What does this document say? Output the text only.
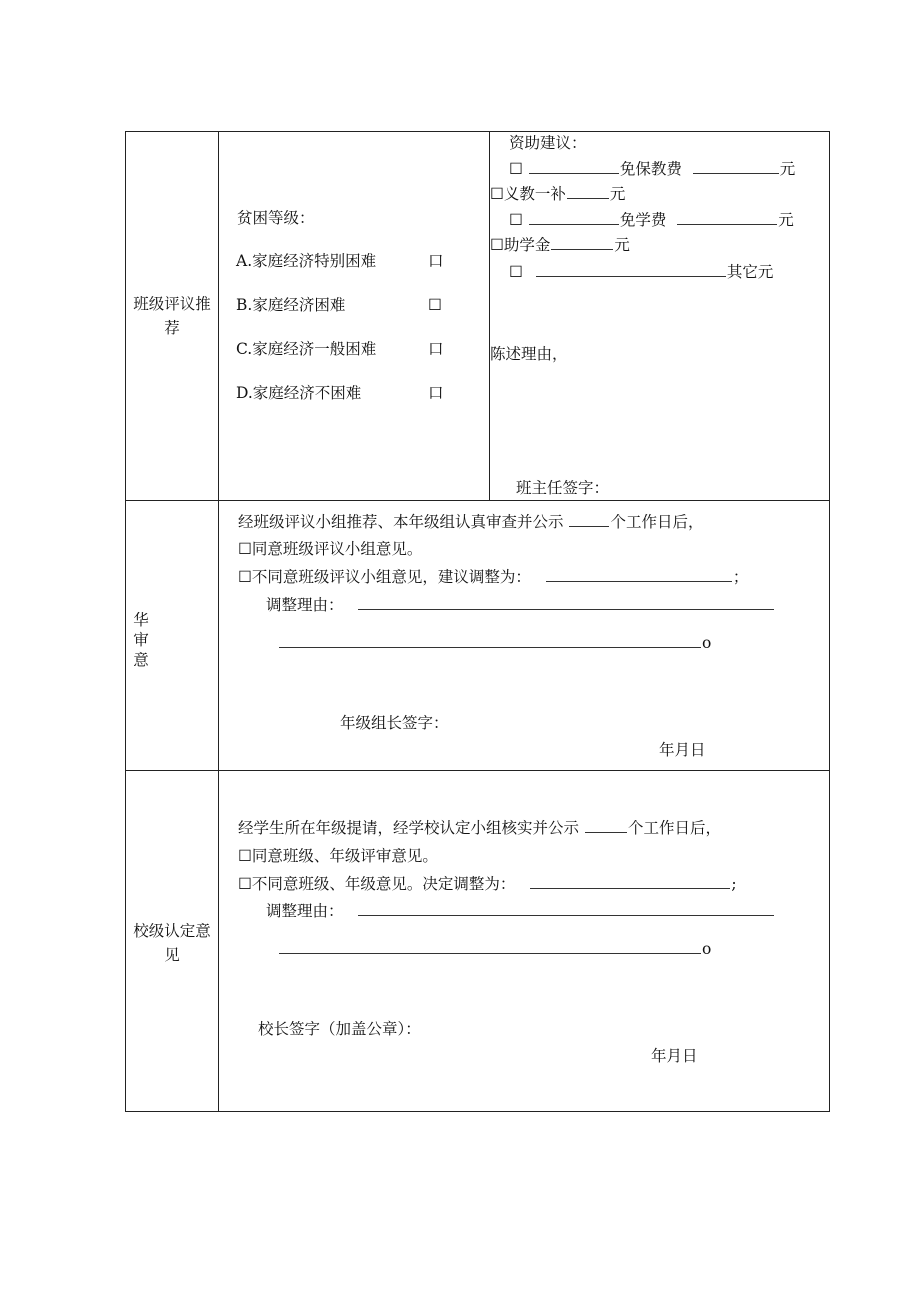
班级评议推
荐
贫困等级：
A.家庭经济特别困难	口
B.家庭经济困难	☐
C.家庭经济一般困难	口
D.家庭经济不困难	口
资助建议：
☐	免保教费	元
☐义教一补	元
☐	免学费	元
☐助学金	元
☐	其它元
陈述理由，
班主任签字：
华
审
意
经班级评议小组推荐、本年级组认真审查并公示	个工作日后，
☐同意班级评议小组意见。
☐不同意班级评议小组意见，建议调整为：	；
调整理由：
o
年级组长签字：
年月日
校级认定意
见
经学生所在年级提请，经学校认定小组核实并公示	个工作日后，
☐同意班级、年级评审意见。
☐不同意班级、年级意见。决定调整为：	;
调整理由：
o
校长签字（加盖公章）：
年月日
